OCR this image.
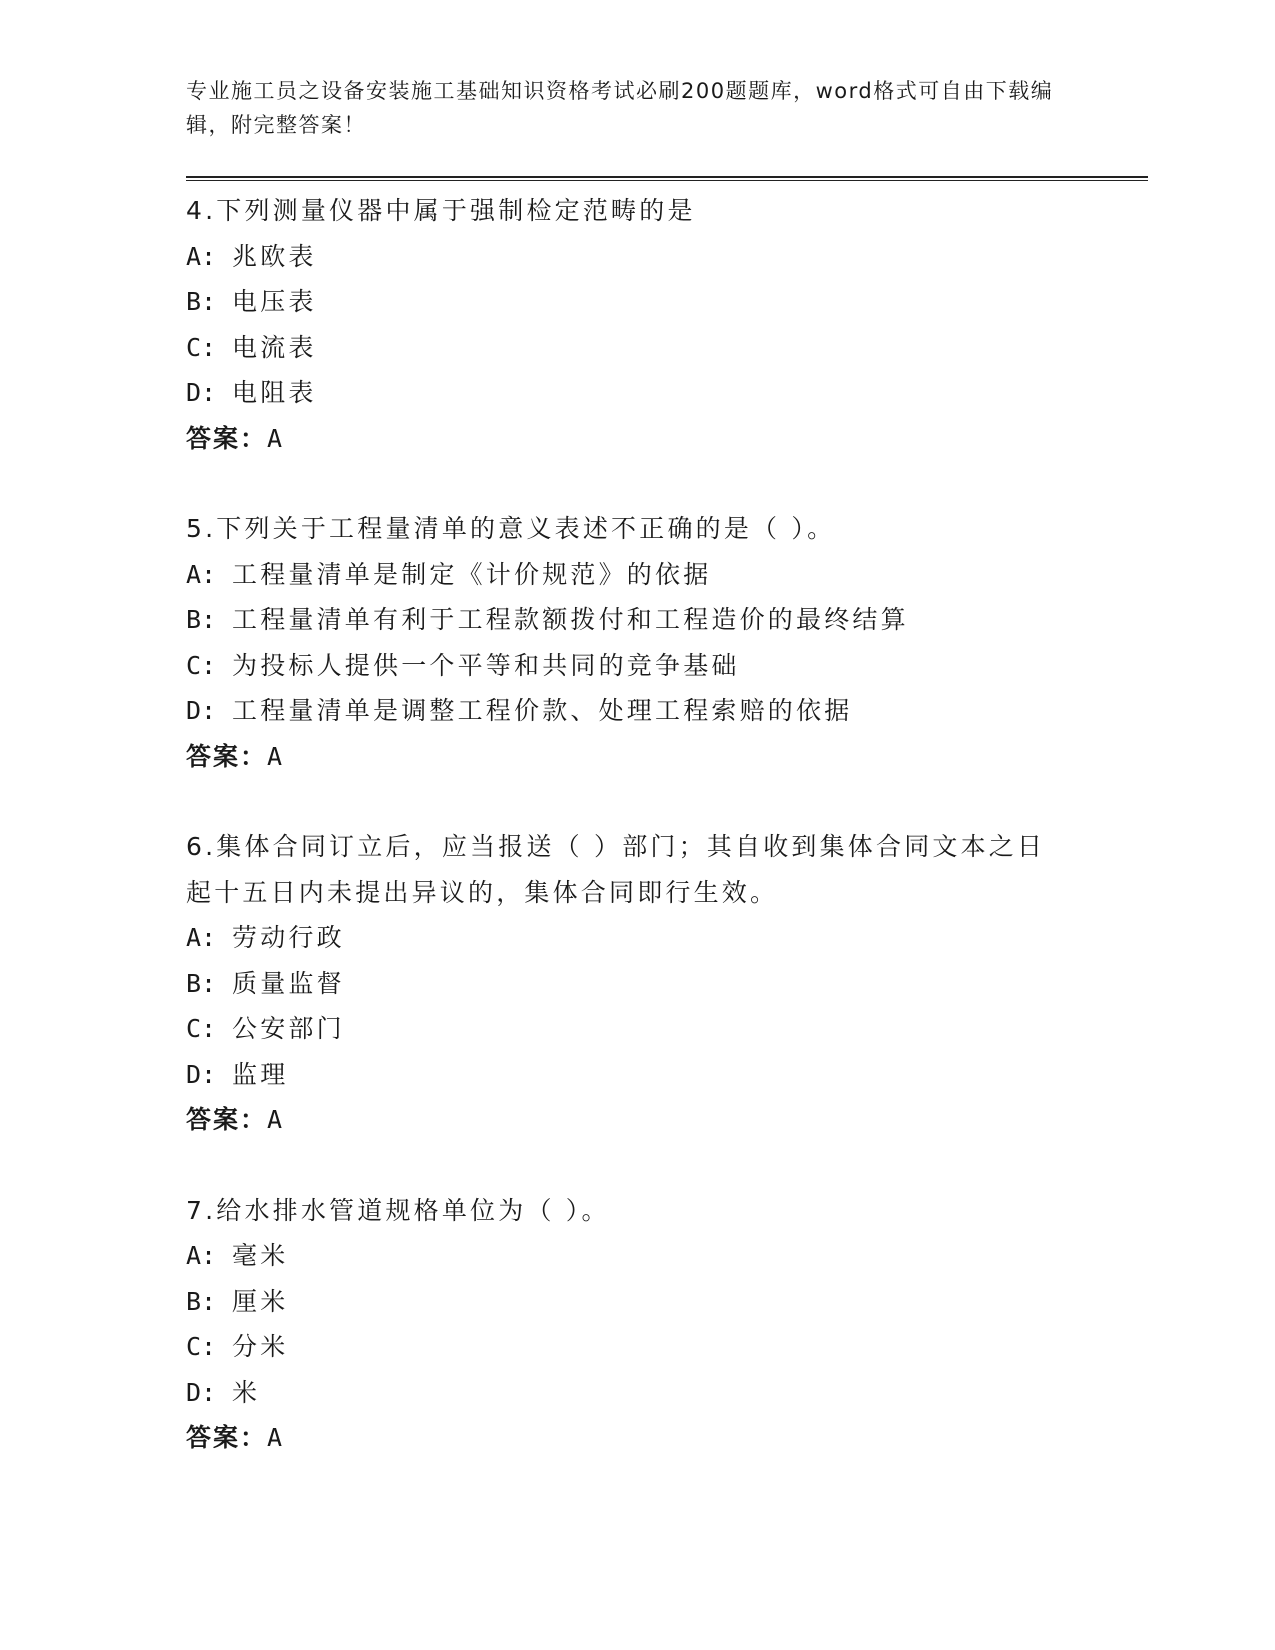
专业施工员之设备安装施工基础知识资格考试必刷200题题库，word格式可自由下载编辑，附完整答案！
4.下列测量仪器中属于强制检定范畴的是
A: 兆欧表
B: 电压表
C: 电流表
D: 电阻表
答案：A
5.下列关于工程量清单的意义表述不正确的是（ ）。
A: 工程量清单是制定《计价规范》的依据
B: 工程量清单有利于工程款额拨付和工程造价的最终结算
C: 为投标人提供一个平等和共同的竞争基础
D: 工程量清单是调整工程价款、处理工程索赔的依据
答案：A
6.集体合同订立后，应当报送（ ）部门；其自收到集体合同文本之日起十五日内未提出异议的，集体合同即行生效。
A: 劳动行政
B: 质量监督
C: 公安部门
D: 监理
答案：A
7.给水排水管道规格单位为（ ）。
A: 毫米
B: 厘米
C: 分米
D: 米
答案：A
